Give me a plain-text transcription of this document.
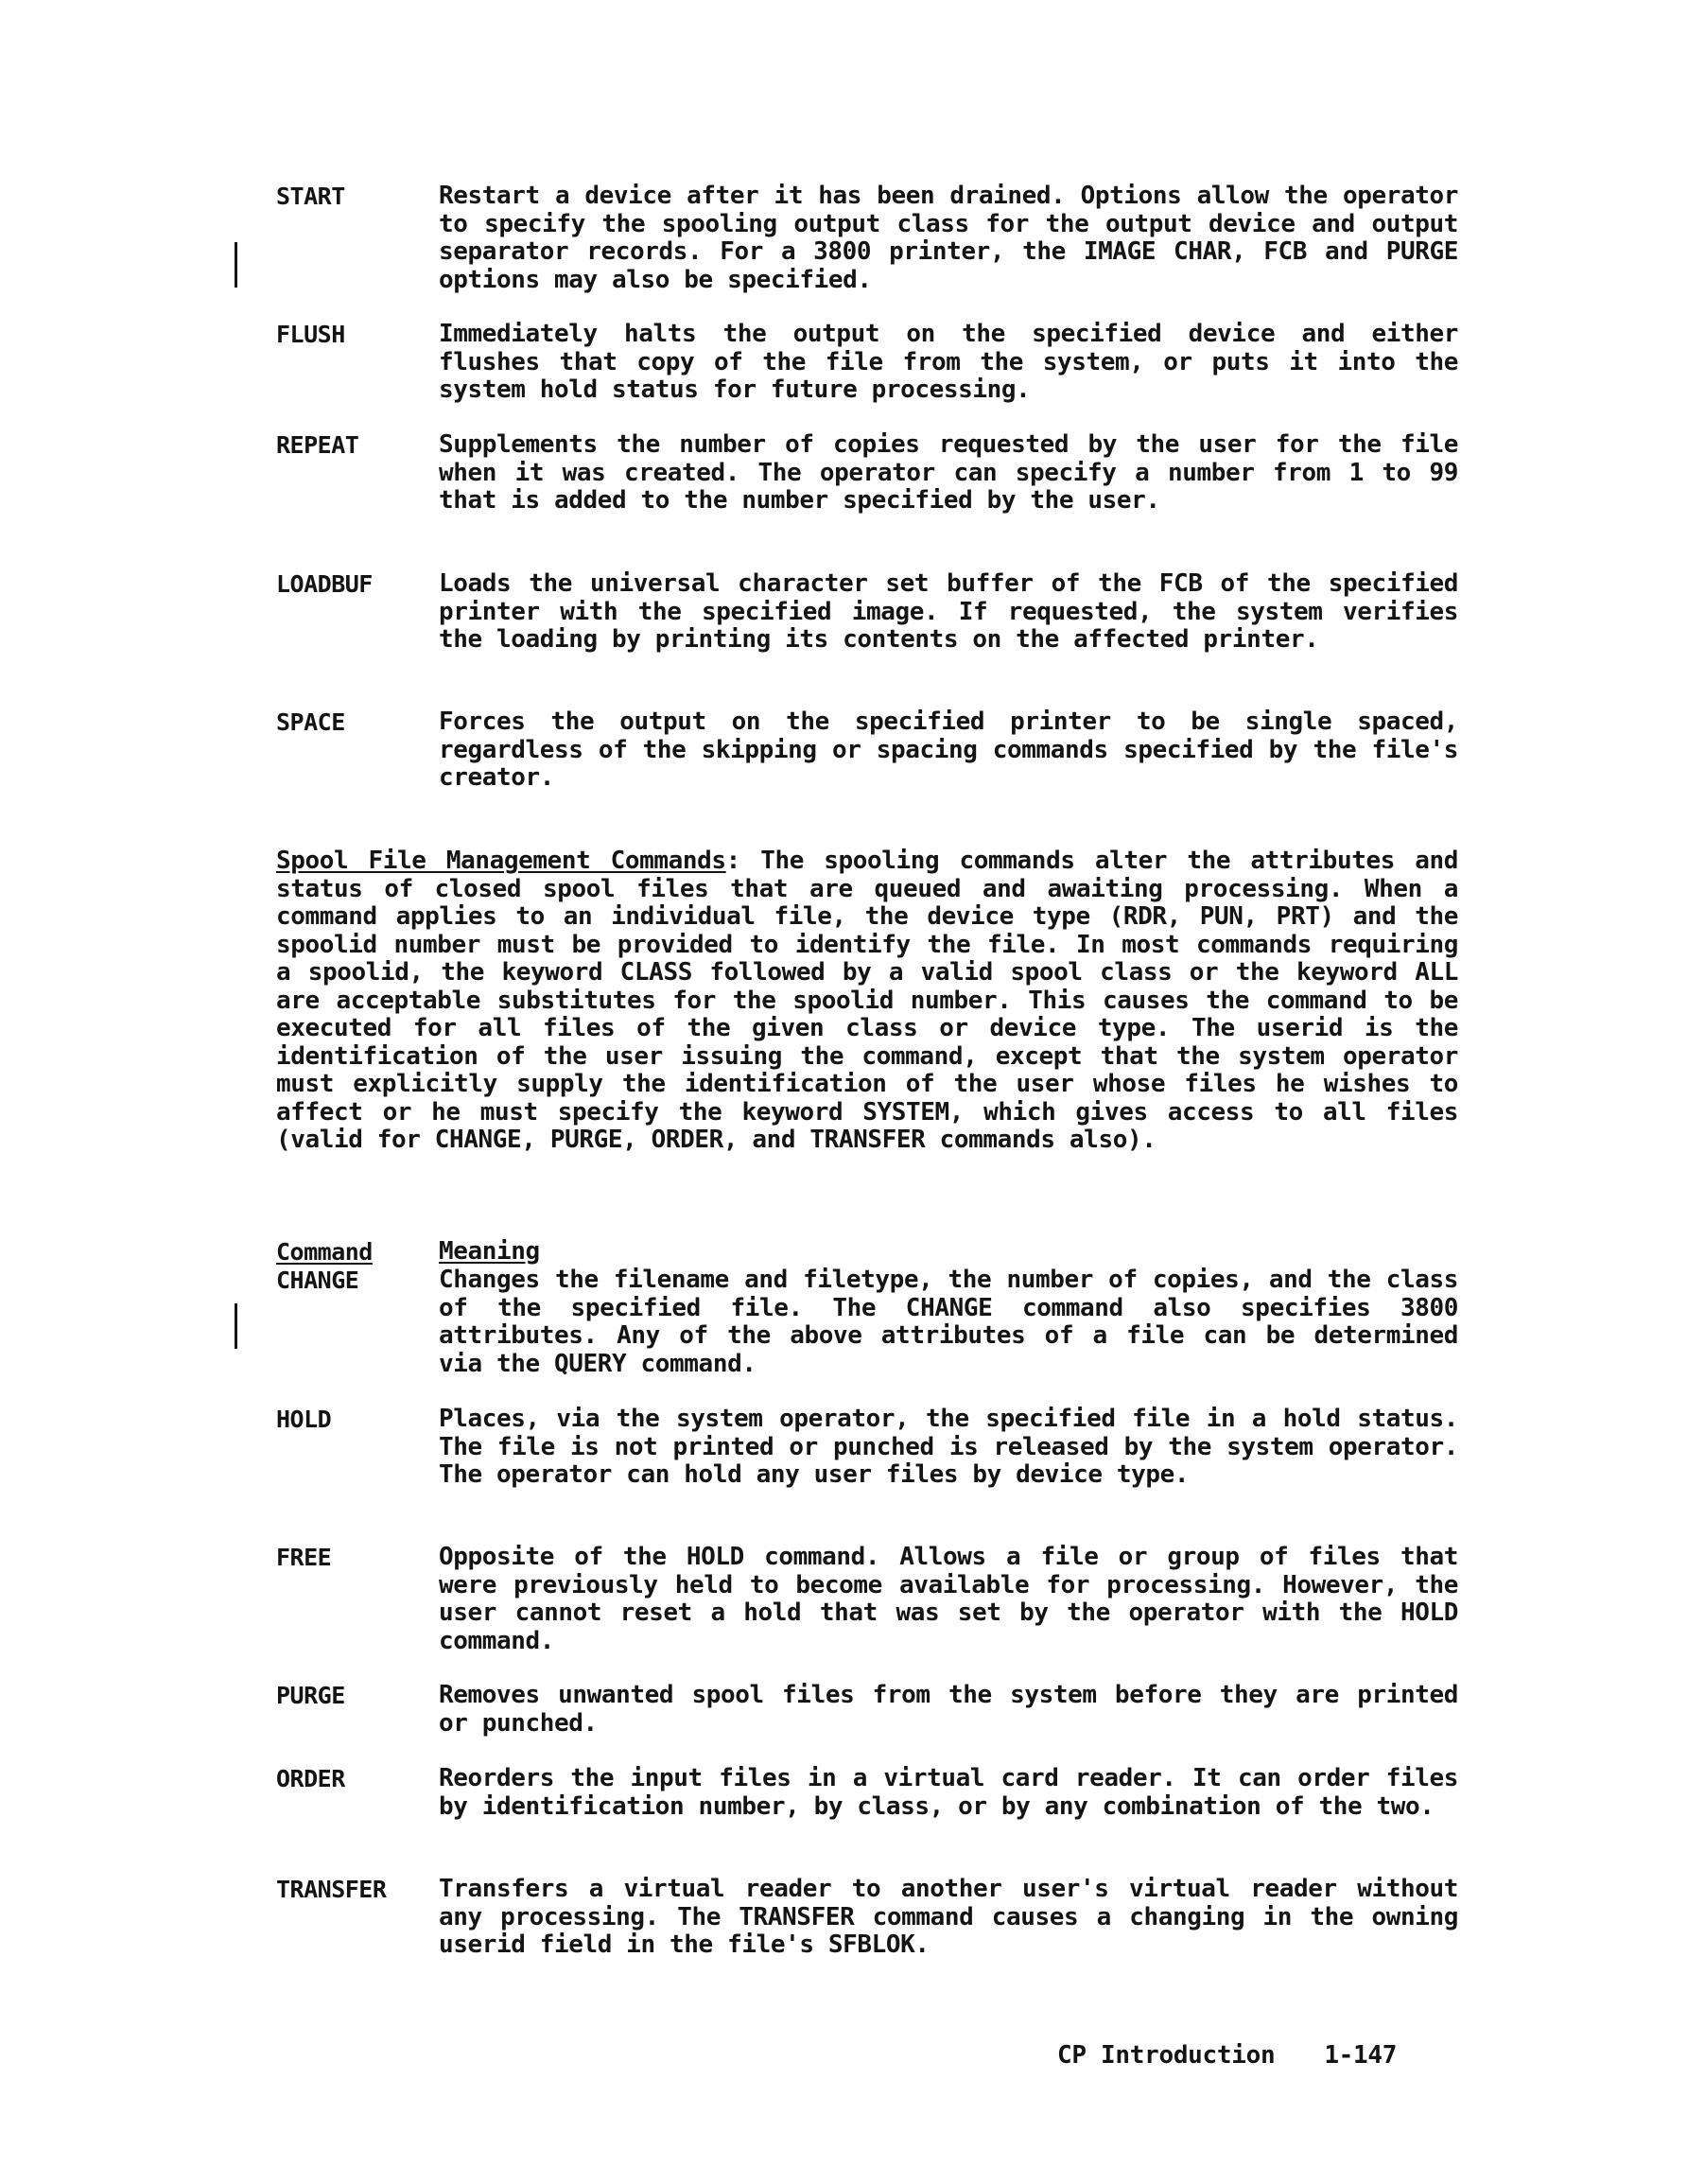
START	Restart a device after it has been drained. Options allow the operator to specify the spooling output class for the output device and output separator records. For a 3800 printer, the IMAGE CHAR, FCB and PURGE options may also be specified.
FLUSH	Immediately halts the output on the specified device and either flushes that copy of the file from the system, or puts it into the system hold status for future processing.
REPEAT	Supplements the number of copies requested by the user for the file when it was created. The operator can specify a number from 1 to 99 that is added to the number specified by the user.
LOADBUF	Loads the universal character set buffer of the FCB of the specified printer with the specified image. If requested, the system verifies the loading by printing its contents on the affected printer.
SPACE	Forces the output on the specified printer to be single spaced, regardless of the skipping or spacing commands specified by the file's creator.
Spool File Management Commands: The spooling commands alter the attributes and status of closed spool files that are queued and awaiting processing. When a command applies to an individual file, the device type (RDR, PUN, PRT) and the spoolid number must be provided to identify the file. In most commands requiring a spoolid, the keyword CLASS followed by a valid spool class or the keyword ALL are acceptable substitutes for the spoolid number. This causes the command to be executed for all files of the given class or device type. The userid is the identification of the user issuing the command, except that the system operator must explicitly supply the identification of the user whose files he wishes to affect or he must specify the keyword SYSTEM, which gives access to all files (valid for CHANGE, PURGE, ORDER, and TRANSFER commands also).
Command	Meaning
CHANGE	Changes the filename and filetype, the number of copies, and the class of the specified file. The CHANGE command also specifies 3800 attributes. Any of the above attributes of a file can be determined via the QUERY command.
HOLD	Places, via the system operator, the specified file in a hold status. The file is not printed or punched is released by the system operator. The operator can hold any user files by device type.
FREE	Opposite of the HOLD command. Allows a file or group of files that were previously held to become available for processing. However, the user cannot reset a hold that was set by the operator with the HOLD command.
PURGE	Removes unwanted spool files from the system before they are printed or punched.
ORDER	Reorders the input files in a virtual card reader. It can order files by identification number, by class, or by any combination of the two.
TRANSFER Transfers a virtual reader to another user's virtual reader without any processing. The TRANSFER command causes a changing in the owning userid field in the file's SFBLOK.
CP Introduction 1-147
